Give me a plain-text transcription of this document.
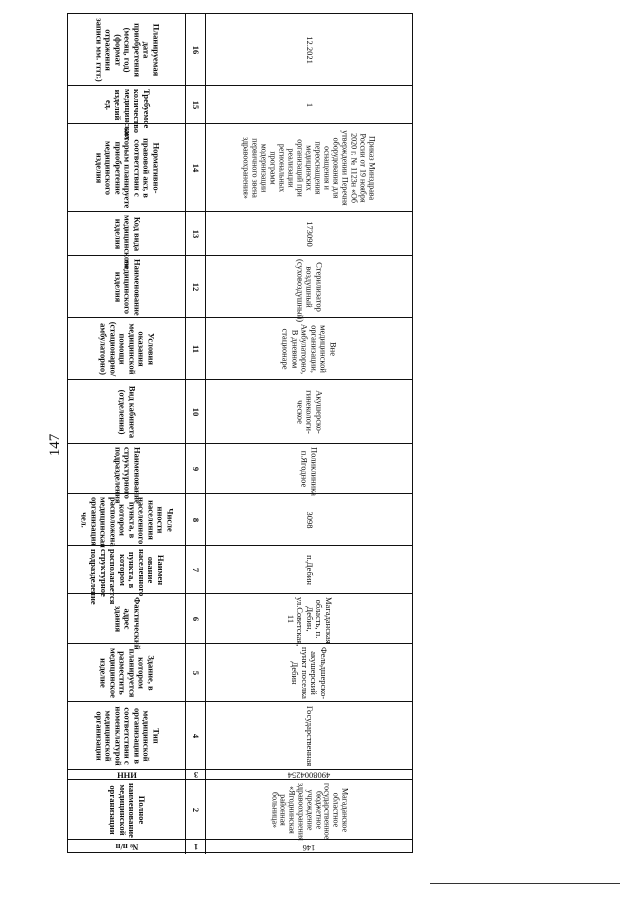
147
Планируемая дата приобретения (месяц, год) (формат отражения записи мм. гггг.)	16	12.2021
Требуемое количество медицинских изделий ед.	15	1
Нормативно- правовой акт, в соответствии с которым планируете приобретение медицинского изделия	14	Приказ Минздрава России от 19 ноября 2020 г. № 1123н «Об утверждении Перечня оборудования для оснащения и переоснащения медицинских организаций при реализации региональных программ модернизации первичного звена здравоохранения»
Код вида медицинского изделия	13	173090
Наименование медицинского изделия	12	Стерилизатор воздушный (суховоздушный)
Условия оказания медицинской помощи (стационарно/амбулаторно)	11	Вне медицинской организации, Амбулаторно, В дневном стационаре
Вид кабинета (отделения)	10	Акушерско-гинекологи-ческое
Наименование структурного подразделения	9	Поликлиника п.Ягодное
Числе нности населения населенного пункта, в котором расположена медицинская организация чел.	8	3098
Наимен ование населенного пункта, в котором располагается структурное подразделение	7	п.Дебин
Фактический адрес здания	6	Магаданская область, п. Дебин, ул.Советская, 11
Здание, в котором планируется разместить медицинское изделие	5	Фельдшерско-акушерский пункт поселка Дебин
Тип медицинской организации в соответствии с номенклатурой медицинской организации	4	Государственная
ИНН	3	4908004254
Полное наименование медицинской организации	2	Магаданское областное государственное бюджетное учреждение здравоохранения «Ягоднинская районная больница»
№ п/п	1	146
